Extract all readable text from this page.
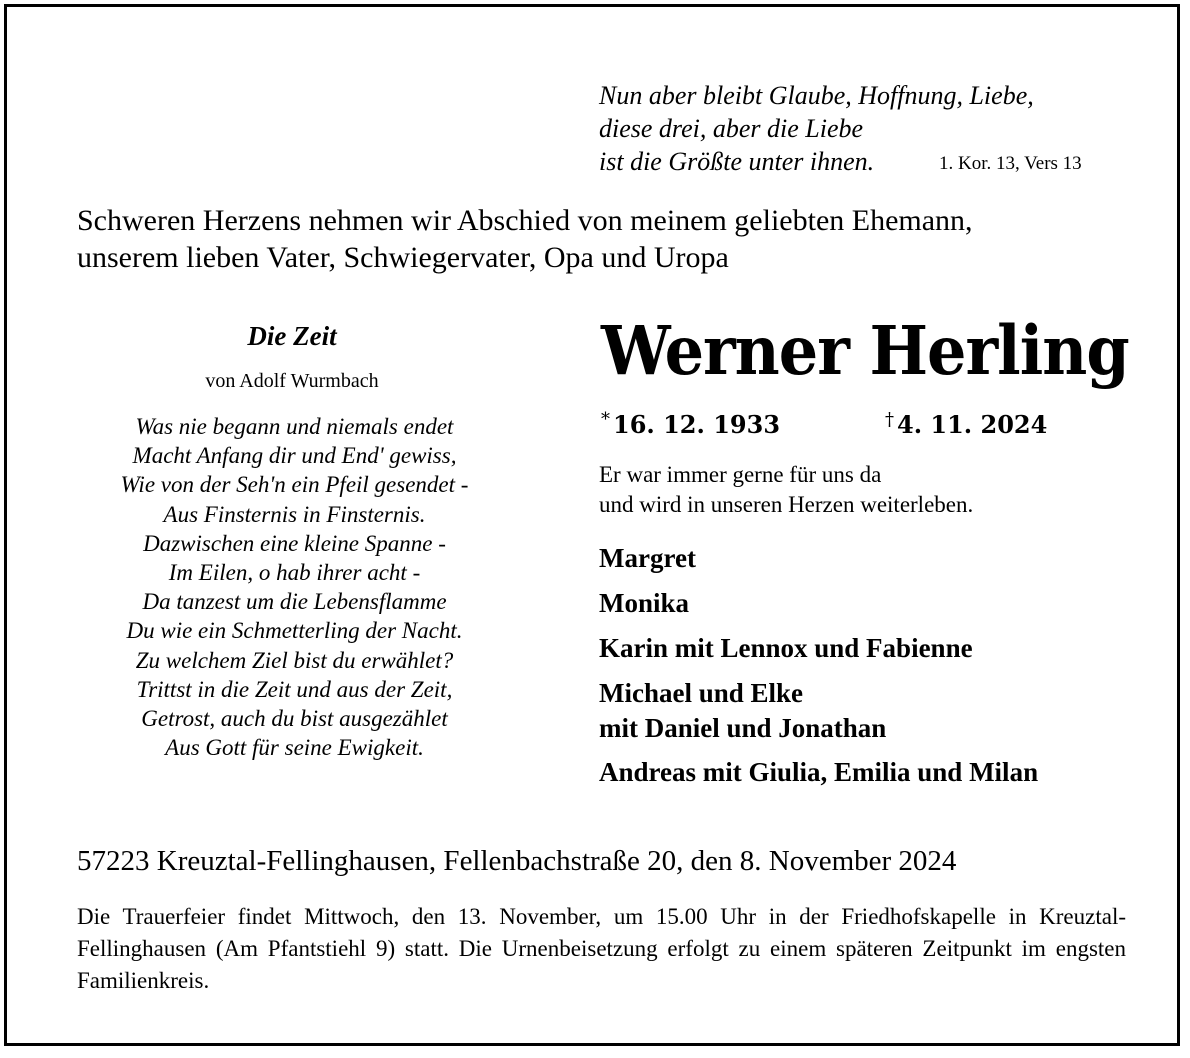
Nun aber bleibt Glaube, Hoffnung, Liebe,
diese drei, aber die Liebe
ist die Größte unter ihnen.	1. Kor. 13, Vers 13
Schweren Herzens nehmen wir Abschied von meinem geliebten Ehemann,
unserem lieben Vater, Schwiegervater, Opa und Uropa
Die Zeit
von Adolf Wurmbach
Was nie begann und niemals endet
Macht Anfang dir und End' gewiss,
Wie von der Seh'n ein Pfeil gesendet -
Aus Finsternis in Finsternis.
Dazwischen eine kleine Spanne -
Im Eilen, o hab ihrer acht -
Da tanzest um die Lebensflamme
Du wie ein Schmetterling der Nacht.
Zu welchem Ziel bist du erwählet?
Trittst in die Zeit und aus der Zeit,
Getrost, auch du bist ausgezählet
Aus Gott für seine Ewigkeit.
Werner Herling
* 16. 12. 1933	† 4. 11. 2024
Er war immer gerne für uns da
und wird in unseren Herzen weiterleben.
Margret
Monika
Karin mit Lennox und Fabienne
Michael und Elke
mit Daniel und Jonathan
Andreas mit Giulia, Emilia und Milan
57223 Kreuztal-Fellinghausen, Fellenbachstraße 20, den 8. November 2024
Die Trauerfeier findet Mittwoch, den 13. November, um 15.00 Uhr in der Friedhofskapelle in Kreuztal-Fellinghausen (Am Pfantstiehl 9) statt. Die Urnenbeisetzung erfolgt zu einem späteren Zeitpunkt im engsten Familienkreis.
